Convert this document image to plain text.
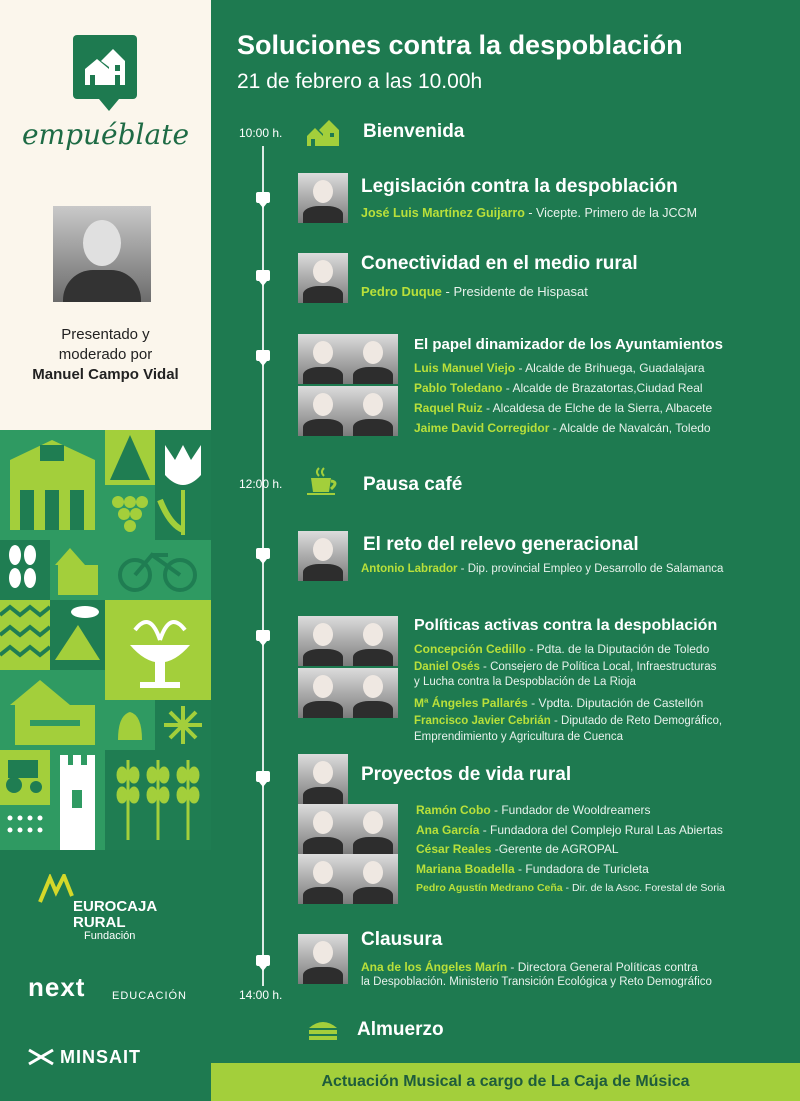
empuéblate
Presentado y
moderado por
Manuel Campo Vidal
EUROCAJA
RURAL
Fundación
next EDUCACIÓN
MINSAIT
Soluciones contra la despoblación
21 de febrero a las 10.00h
10:00 h.
12:00 h.
14:00 h.
Bienvenida
Legislación contra la despoblación
José Luis Martínez Guijarro - Vicepte. Primero de la JCCM
Conectividad en el medio rural
Pedro Duque - Presidente de Hispasat
El papel dinamizador de los Ayuntamientos
Luis Manuel Viejo - Alcalde de Brihuega, Guadalajara
Pablo Toledano - Alcalde de Brazatortas,Ciudad Real
Raquel Ruiz - Alcaldesa de Elche de la Sierra, Albacete
Jaime David Corregidor - Alcalde de Navalcán, Toledo
Pausa café
El reto del relevo generacional
Antonio Labrador - Dip. provincial Empleo y Desarrollo de Salamanca
Políticas activas contra la despoblación
Concepción Cedillo - Pdta. de la Diputación de Toledo
Daniel Osés - Consejero de Política Local, Infraestructuras
y Lucha contra la Despoblación de La Rioja
Mª Ángeles Pallarés - Vpdta. Diputación de Castellón
Francisco Javier Cebrián - Diputado de Reto Demográfico,
Emprendimiento y Agricultura de Cuenca
Proyectos de vida rural
Ramón Cobo - Fundador de Wooldreamers
Ana García - Fundadora del Complejo Rural Las Abiertas
César Reales -Gerente de AGROPAL
Mariana Boadella - Fundadora de Turicleta
Pedro Agustín Medrano Ceña - Dir. de la Asoc. Forestal de Soria
Clausura
Ana de los Ángeles Marín - Directora General Políticas contra
la Despoblación. Ministerio Transición Ecológica y Reto Demográfico
Almuerzo
Actuación Musical a cargo de La Caja de Música
